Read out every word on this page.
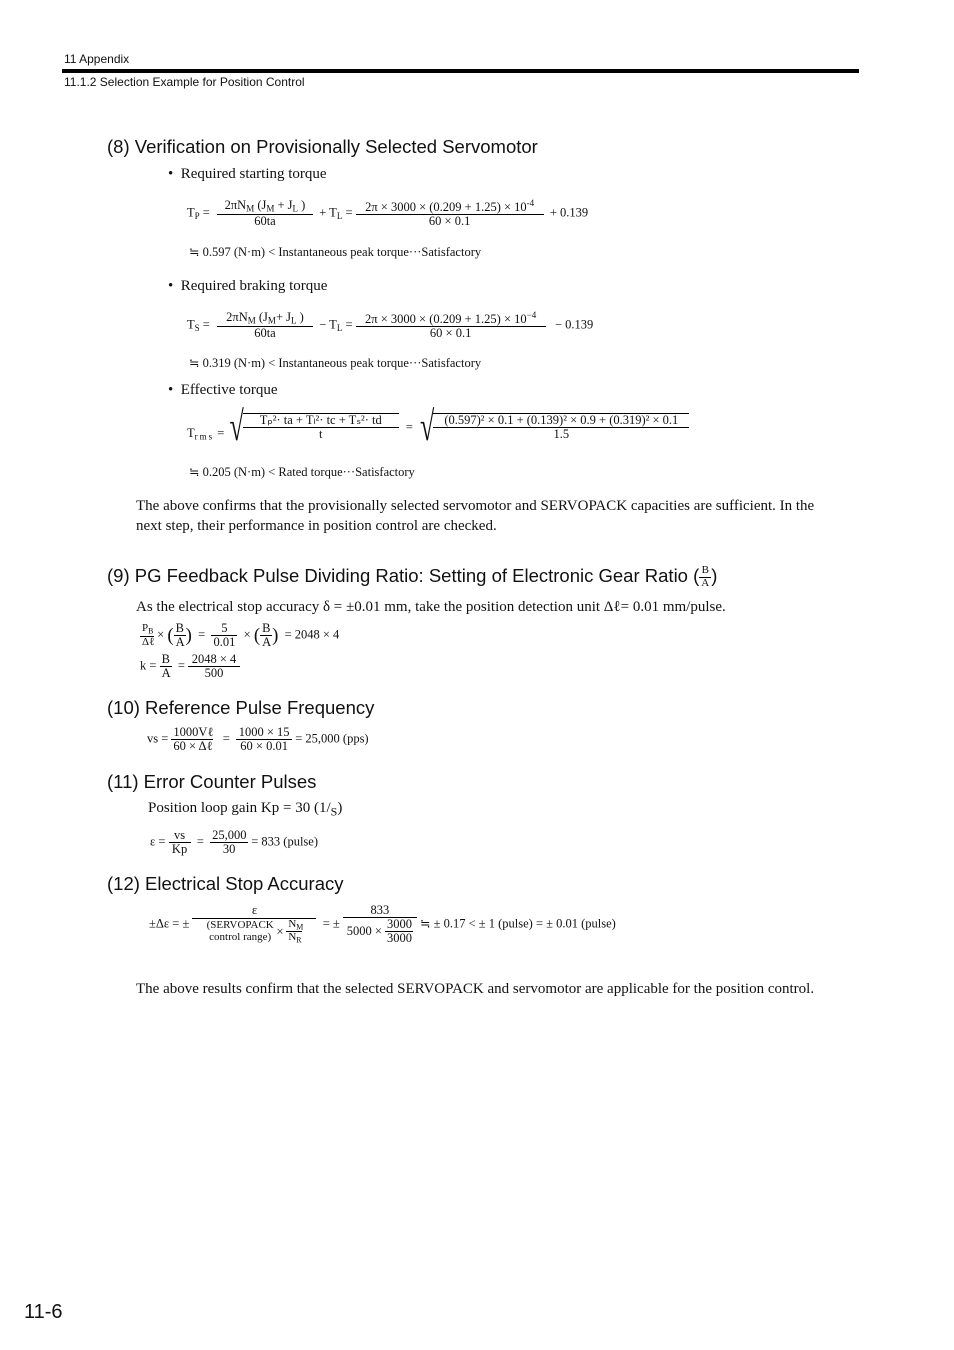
11 Appendix
11.1.2 Selection Example for Position Control
(8) Verification on Provisionally Selected Servomotor
•  Required starting torque
$T_P = \frac{2\pi N_M (J_M + J_L )}{60ta} + T_L = \frac{2\pi \times 3000 \times (0.209 + 1.25) \times 10^{-4}}{60 \times 0.1} + 0.139$
≒ 0.597 (N·m) < Instantaneous peak torque···Satisfactory
•  Required braking torque
$T_S = \frac{2\pi N_M (J_M+ J_L )}{60ta} - T_L = \frac{2\pi \times 3000 \times (0.209 + 1.25) \times 10^{-4}}{60 \times 0.1} - 0.139$
≒ 0.319 (N·m) < Instantaneous peak torque···Satisfactory
•  Effective torque
$T_{rms}$ = √ $\frac{\text{Tₚ²· ta + Tₗ²· tc + Tₛ²· td}}{t}$ = √ $\frac{\text{(0.597)² × 0.1 + (0.139)² × 0.9 + (0.319)² × 0.1}}{1.5}$
≒ 0.205 (N·m) < Rated torque···Satisfactory
The above confirms that the provisionally selected servomotor and SERVOPACK capacities are sufficient. In the
next step, their performance in position control are checked.
(9) PG Feedback Pulse Dividing Ratio: Setting of Electronic Gear Ratio ( $\frac{B}{A}$ )
As the electrical stop accuracy δ = ±0.01 mm, take the position detection unit Δℓ= 0.01 mm/pulse.
$\frac{P_B}{\text{Δℓ}}$ × ( $\frac{B}{A}$ ) = $\frac{5}{0.01}$ × ( $\frac{B}{A}$ ) = 2048 × 4
$k = \frac{B}{A} = \frac{2048 \times 4}{500}$
(10) Reference Pulse Frequency
vs = $\frac{\text{1000Vℓ}}{\text{60 × Δℓ}} = \frac{1000 \times 15}{60 \times 0.01} = 25,000$ (pps)
(11) Error Counter Pulses
Position loop gain Kp = 30 $(1/_S)$
$\varepsilon = \frac{vs}{Kp} = \frac{25,000}{30} = 833$ (pulse)
(12) Electrical Stop Accuracy
±Δε = ±
ε
(SERVOPACK
control range) × $\frac{N_M}{N_R}$ = ± $\frac{833}{5000 \times \frac{3000}{3000}}$ ≒ ± 0.17 < ± 1 (pulse) = ± 0.01 (pulse)
The above results confirm that the selected SERVOPACK and servomotor are applicable for the position control.
11-6
